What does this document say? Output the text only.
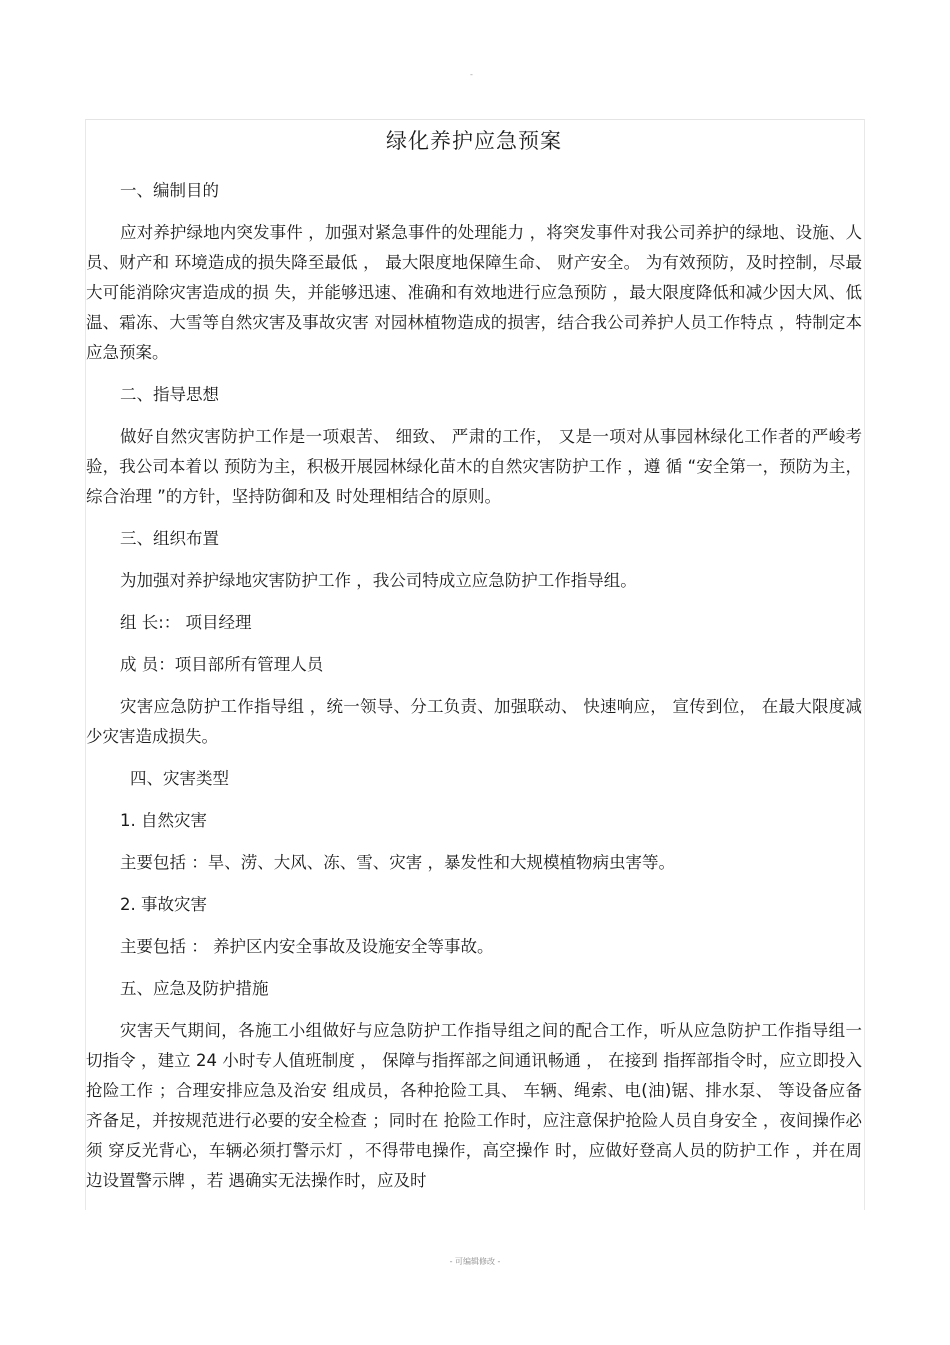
-
绿化养护应急预案
一、编制目的
应对养护绿地内突发事件 ，加强对紧急事件的处理能力 ，将突发事件对我公司养护的绿地、设施、人员、财产和 环境造成的损失降至最低 ， 最大限度地保障生命、 财产安全。 为有效预防，及时控制，尽最大可能消除灾害造成的损 失，并能够迅速、准确和有效地进行应急预防 ，最大限度降低和减少因大风、低温、霜冻、大雪等自然灾害及事故灾害 对园林植物造成的损害，结合我公司养护人员工作特点 ，特制定本应急预案。
二、指导思想
做好自然灾害防护工作是一项艰苦、 细致、 严肃的工作， 又是一项对从事园林绿化工作者的严峻考验，我公司本着以 预防为主，积极开展园林绿化苗木的自然灾害防护工作 ，遵 循 “安全第一，预防为主，综合治理 ”的方针，坚持防御和及 时处理相结合的原则。
三、组织布置
为加强对养护绿地灾害防护工作 ，我公司特成立应急防护工作指导组。
组 长:： 项目经理
成 员：项目部所有管理人员
灾害应急防护工作指导组 ，统一领导、分工负责、加强联动、 快速响应， 宣传到位， 在最大限度减少灾害造成损失。
四、灾害类型
1. 自然灾害
主要包括 ：旱、涝、大风、冻、雪、灾害 ，暴发性和大规模植物病虫害等。
2. 事故灾害
主要包括 ： 养护区内安全事故及设施安全等事故。
五、应急及防护措施
灾害天气期间，各施工小组做好与应急防护工作指导组之间的配合工作，听从应急防护工作指导组一切指令 ，建立 24 小时专人值班制度 ， 保障与指挥部之间通讯畅通 ， 在接到 指挥部指令时，应立即投入抢险工作 ；合理安排应急及治安 组成员，各种抢险工具、 车辆、绳索、电(油)锯、排水泵、 等设备应备齐备足，并按规范进行必要的安全检查 ；同时在 抢险工作时，应注意保护抢险人员自身安全 ，夜间操作必须 穿反光背心，车辆必须打警示灯 ，不得带电操作，高空操作 时，应做好登高人员的防护工作 ，并在周边设置警示牌 ，若 遇确实无法操作时，应及时
- 可编辑修改 -
